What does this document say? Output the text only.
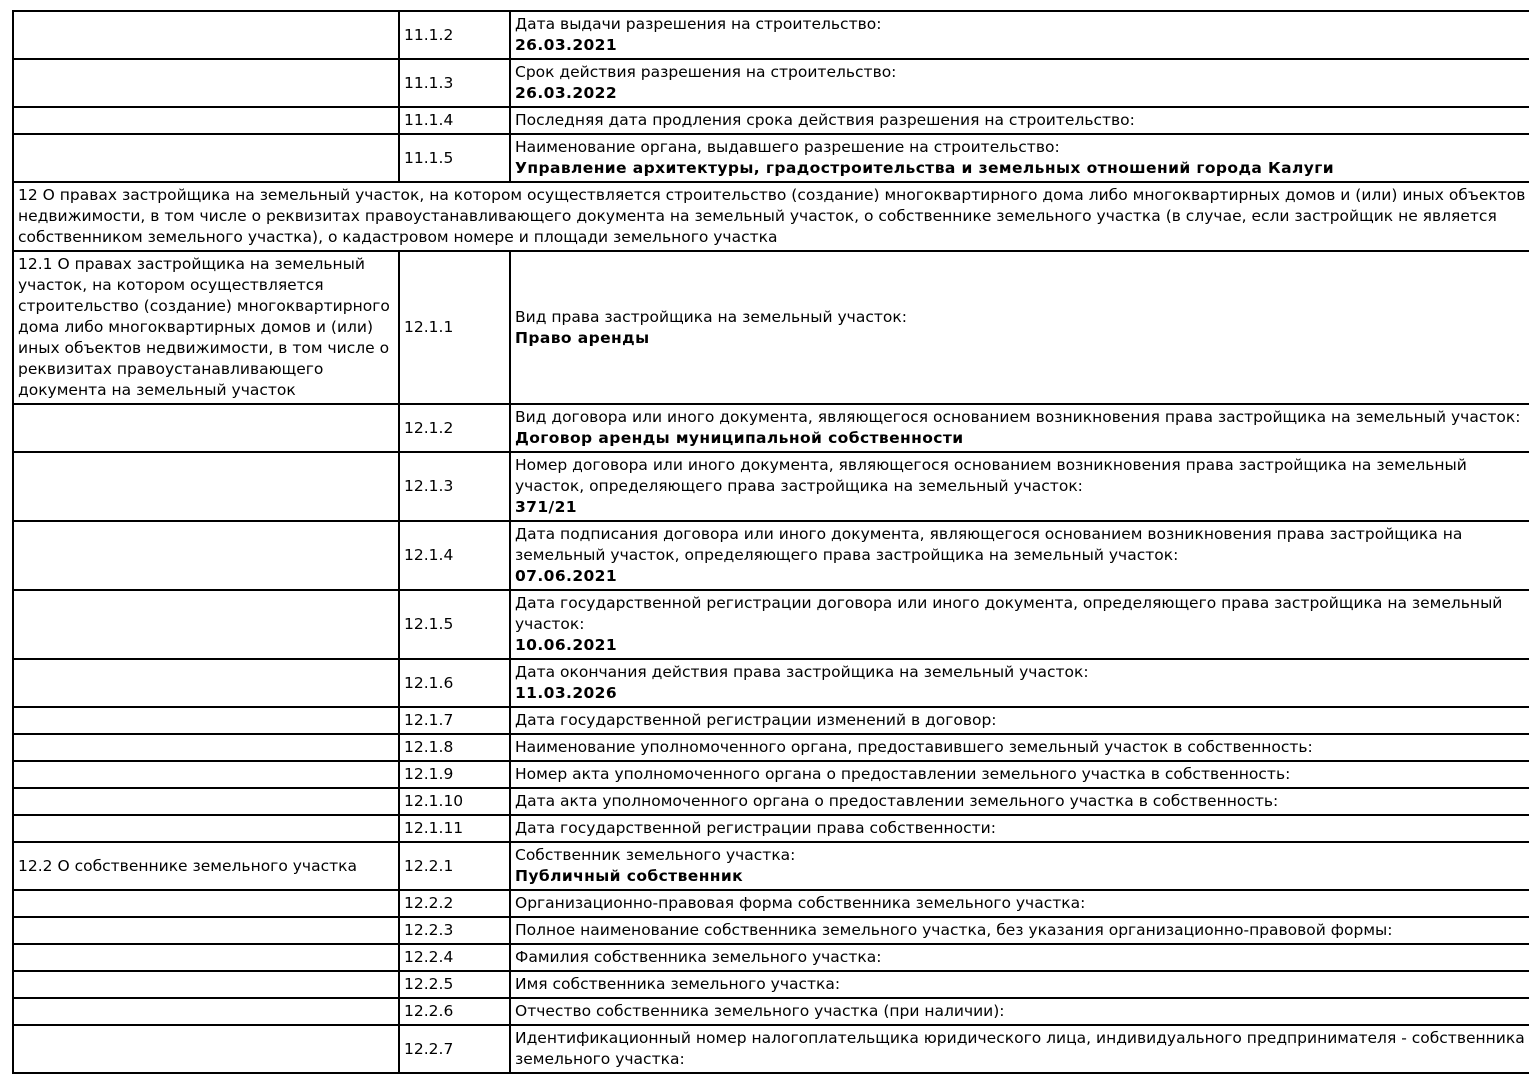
	11.1.2	Дата выдачи разрешения на строительство:
26.03.2021

	11.1.3	Срок действия разрешения на строительство:
26.03.2022

	11.1.4	Последняя дата продления срока действия разрешения на строительство:

	11.1.5	Наименование органа, выдавшего разрешение на строительство:
Управление архитектуры, градостроительства и земельных отношений города Калуги

12 О правах застройщика на земельный участок, на котором осуществляется строительство (создание) многоквартирного дома либо многоквартирных домов и (или) иных объектов недвижимости, в том числе о реквизитах правоустанавливающего документа на земельный участок, о собственнике земельного участка (в случае, если застройщик не является собственником земельного участка), о кадастровом номере и площади земельного участка		
12.1 О правах застройщика на земельный участок, на котором осуществляется строительство (создание) многоквартирного дома либо многоквартирных домов и (или) иных объектов недвижимости, в том числе о реквизитах правоустанавливающего документа на земельный участок	12.1.1	Вид права застройщика на земельный участок:
Право аренды

	12.1.2	Вид договора или иного документа, являющегося основанием возникновения права застройщика на земельный участок:
Договор аренды муниципальной собственности

	12.1.3	Номер договора или иного документа, являющегося основанием возникновения права застройщика на земельный участок, определяющего права застройщика на земельный участок:
371/21

	12.1.4	Дата подписания договора или иного документа, являющегося основанием возникновения права застройщика на земельный участок, определяющего права застройщика на земельный участок:
07.06.2021

	12.1.5	Дата государственной регистрации договора или иного документа, определяющего права застройщика на земельный участок:
10.06.2021

	12.1.6	Дата окончания действия права застройщика на земельный участок:
11.03.2026

	12.1.7	Дата государственной регистрации изменений в договор:

	12.1.8	Наименование уполномоченного органа, предоставившего земельный участок в собственность:

	12.1.9	Номер акта уполномоченного органа о предоставлении земельного участка в собственность:

	12.1.10	Дата акта уполномоченного органа о предоставлении земельного участка в собственность:

	12.1.11	Дата государственной регистрации права собственности:

12.2 О собственнике земельного участка	12.2.1	Собственник земельного участка:
Публичный собственник

	12.2.2	Организационно-правовая форма собственника земельного участка:

	12.2.3	Полное наименование собственника земельного участка, без указания организационно-правовой формы:

	12.2.4	Фамилия собственника земельного участка:

	12.2.5	Имя собственника земельного участка:

	12.2.6	Отчество собственника земельного участка (при наличии):

	12.2.7	Идентификационный номер налогоплательщика юридического лица, индивидуального предпринимателя - собственника земельного участка:
